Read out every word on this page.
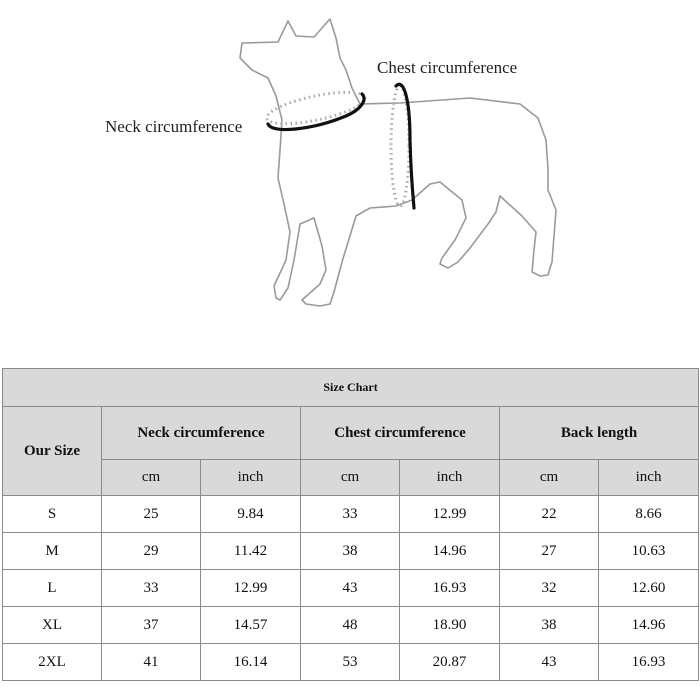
Neck circumference
Chest circumference
Size Chart						
Our Size	Neck circumference		Chest circumference		Back length	
	cm	inch	cm	inch	cm	inch
S	25	9.84	33	12.99	22	8.66
M	29	11.42	38	14.96	27	10.63
L	33	12.99	43	16.93	32	12.60
XL	37	14.57	48	18.90	38	14.96
2XL	41	16.14	53	20.87	43	16.93
